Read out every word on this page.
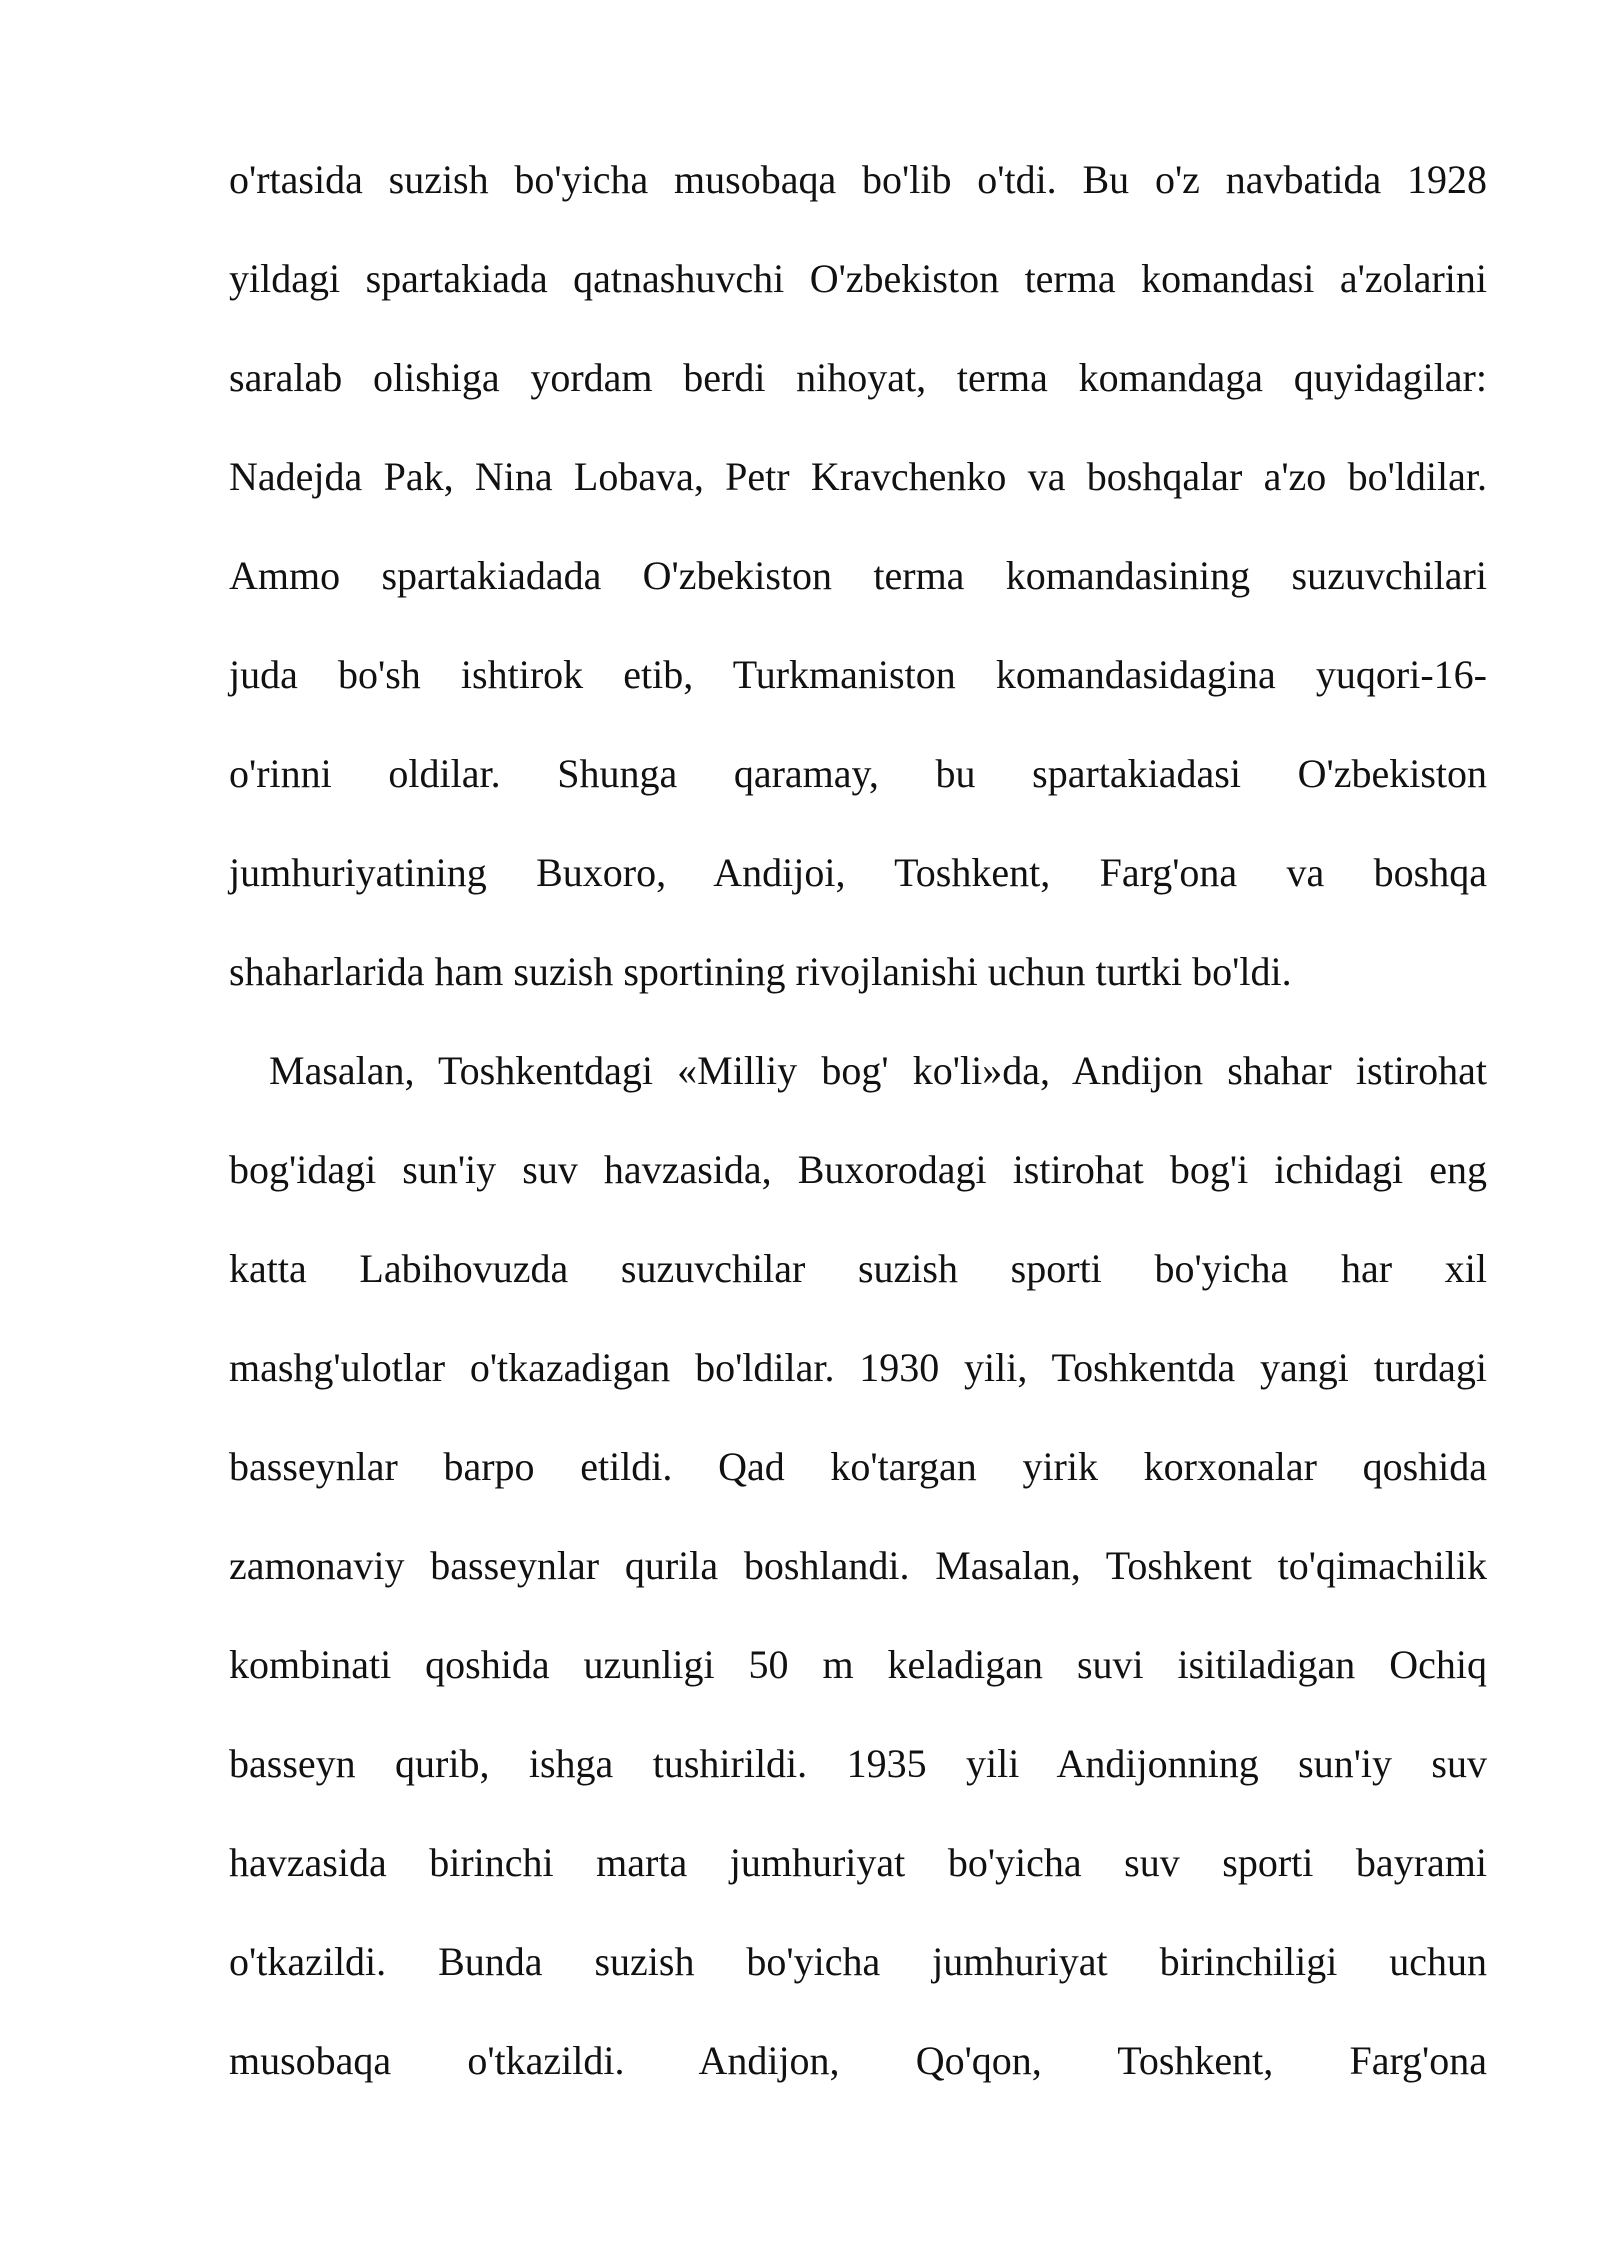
o'rtasida suzish bo'yicha musobaqa bo'lib o'tdi. Bu o'z navbatida 1928
yildagi spartakiada qatnashuvchi O'zbekiston terma komandasi a'zolarini
saralab olishiga yordam berdi nihoyat, terma komandaga quyidagilar:
Nadejda Pak, Nina Lobava, Petr Kravchenko va boshqalar a'zo bo'ldilar.
Ammo spartakiadada O'zbekiston terma komandasining suzuvchilari
juda bo'sh ishtirok etib, Turkmaniston komandasidagina yuqori-16-
o'rinni oldilar. Shunga qaramay, bu spartakiadasi O'zbekiston
jumhuriyatining Buxoro, Andijoi, Toshkent, Farg'ona va boshqa
shaharlarida ham suzish sportining rivojlanishi uchun turtki bo'ldi.
Masalan, Toshkentdagi «Milliy bog' ko'li»da, Andijon shahar istirohat
bog'idagi sun'iy suv havzasida, Buxorodagi istirohat bog'i ichidagi eng
katta Labihovuzda suzuvchilar suzish sporti bo'yicha har xil
mashg'ulotlar o'tkazadigan bo'ldilar. 1930 yili, Toshkentda yangi turdagi
basseynlar barpo etildi. Qad ko'targan yirik korxonalar qoshida
zamonaviy basseynlar qurila boshlandi. Masalan, Toshkent to'qimachilik
kombinati qoshida uzunligi 50 m keladigan suvi isitiladigan Ochiq
basseyn qurib, ishga tushirildi. 1935 yili Andijonning sun'iy suv
havzasida birinchi marta jumhuriyat bo'yicha suv sporti bayrami
o'tkazildi. Bunda suzish bo'yicha jumhuriyat birinchiligi uchun
musobaqa o'tkazildi. Andijon, Qo'qon, Toshkent, Farg'ona
